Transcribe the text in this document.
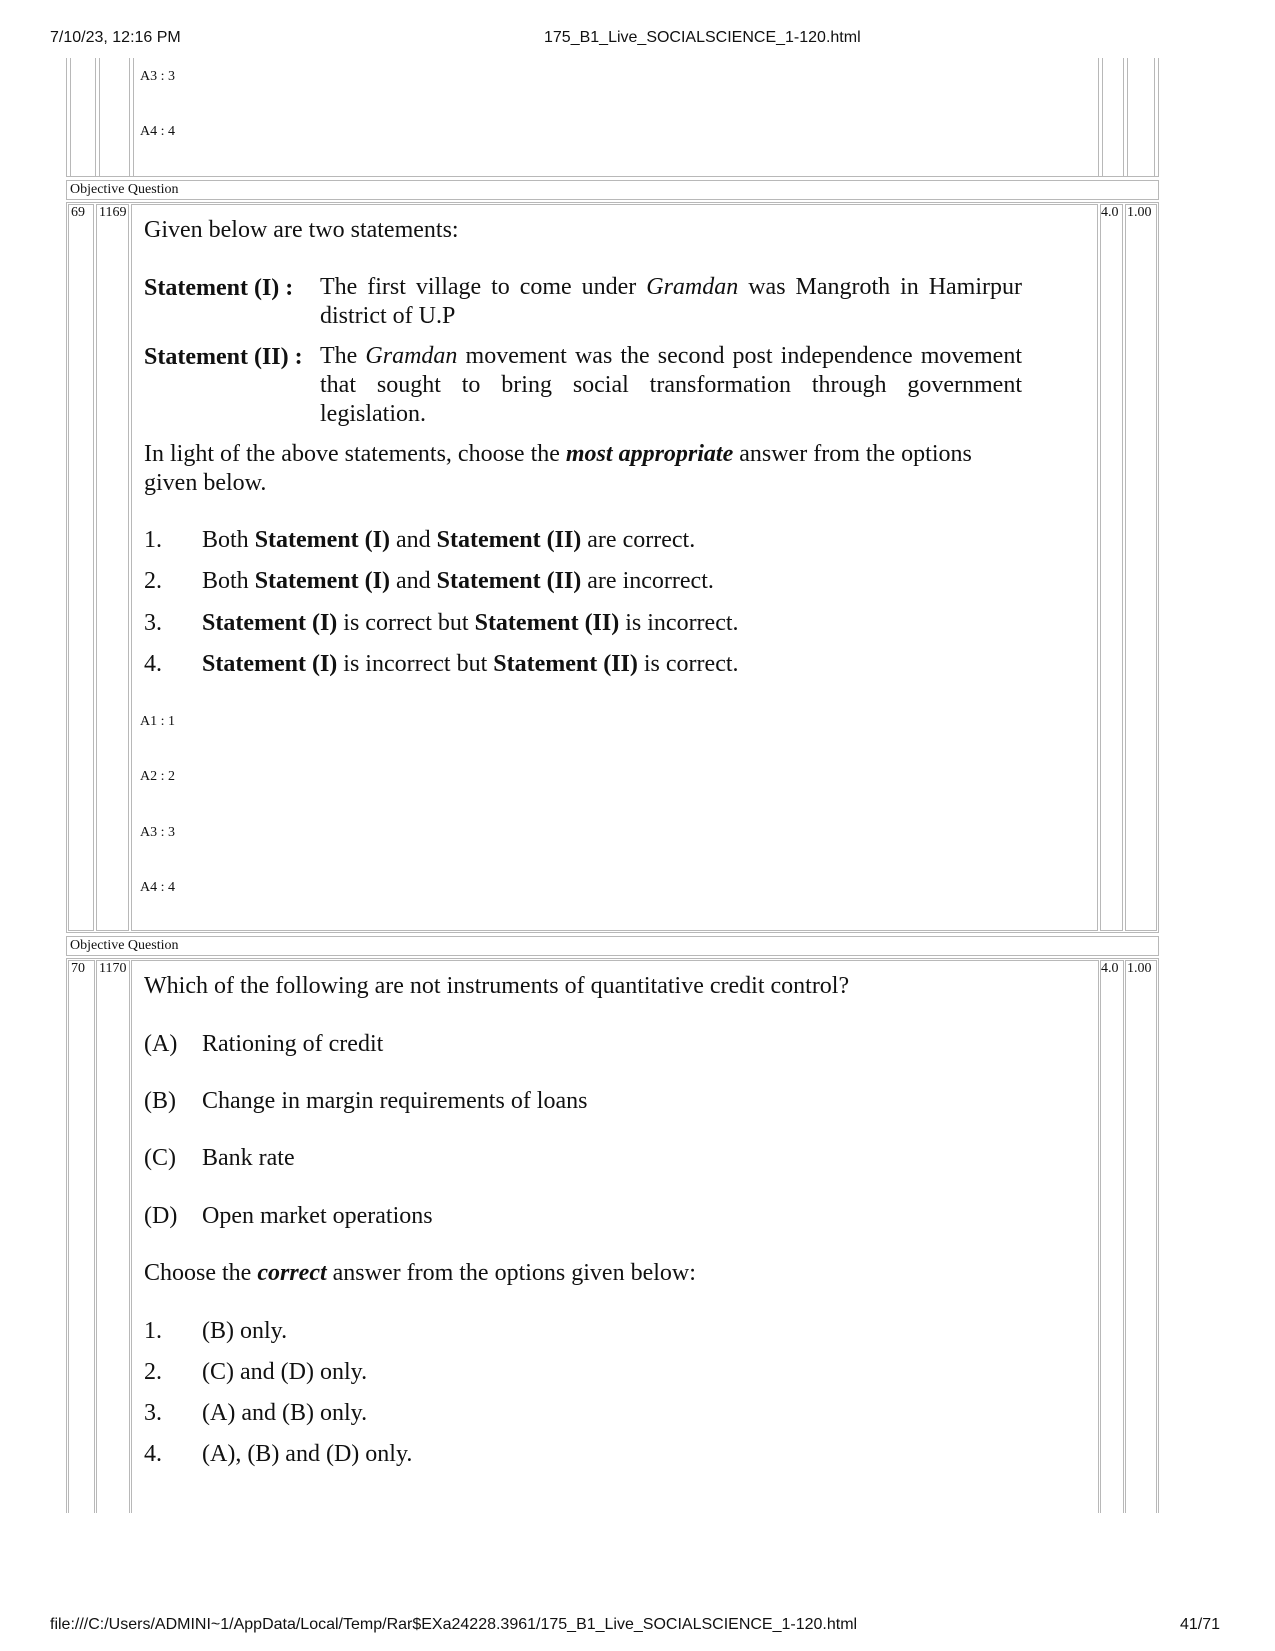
7/10/23, 12:16 PM	175_B1_Live_SOCIALSCIENCE_1-120.html
A3 : 3
A4 : 4
Objective Question
69 1169	4.0 1.00
Given below are two statements:
Statement (I) : The first village to come under Gramdan was Mangroth in Hamirpur district of U.P
Statement (II) : The Gramdan movement was the second post independence movement that sought to bring social transformation through government legislation.
In light of the above statements, choose the most appropriate answer from the options given below.
1. Both Statement (I) and Statement (II) are correct.
2. Both Statement (I) and Statement (II) are incorrect.
3. Statement (I) is correct but Statement (II) is incorrect.
4. Statement (I) is incorrect but Statement (II) is correct.
A1 : 1
A2 : 2
A3 : 3
A4 : 4
Objective Question
70 1170	4.0 1.00
Which of the following are not instruments of quantitative credit control?
(A) Rationing of credit
(B) Change in margin requirements of loans
(C) Bank rate
(D) Open market operations
Choose the correct answer from the options given below:
1. (B) only.
2. (C) and (D) only.
3. (A) and (B) only.
4. (A), (B) and (D) only.
file:///C:/Users/ADMINI~1/AppData/Local/Temp/Rar$EXa24228.3961/175_B1_Live_SOCIALSCIENCE_1-120.html	41/71
